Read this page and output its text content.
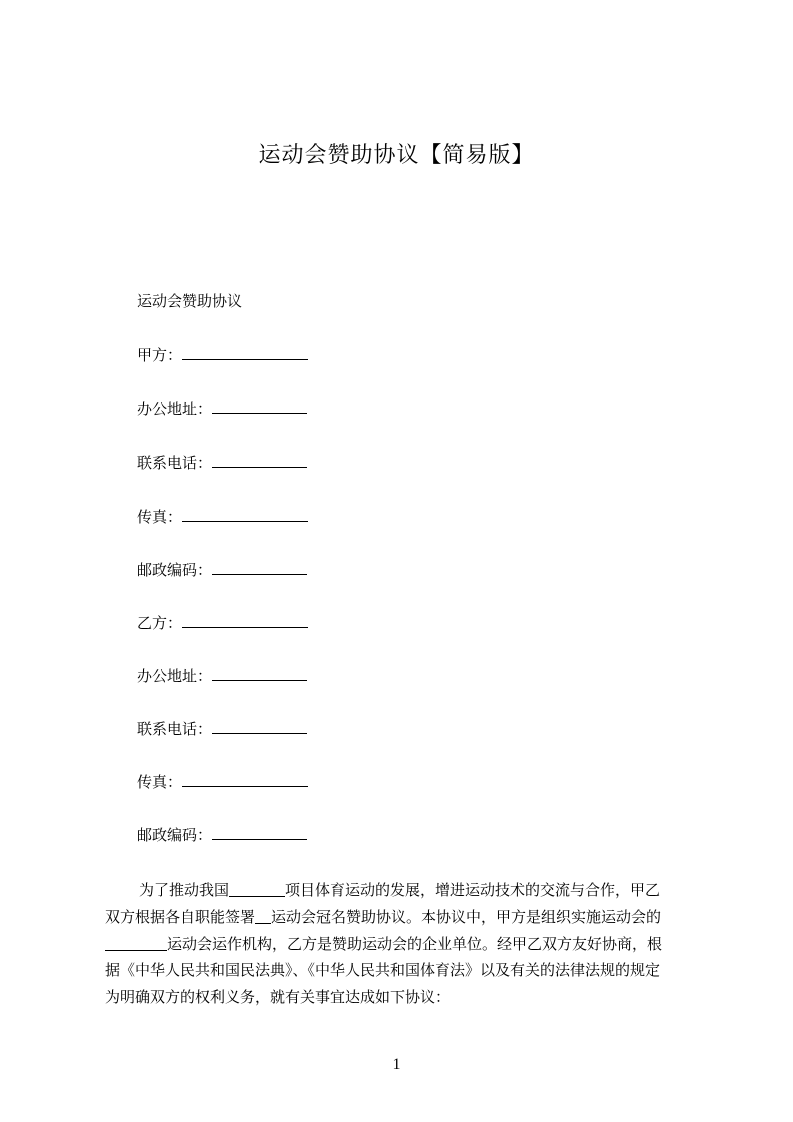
运动会赞助协议【简易版】
运动会赞助协议
甲方：
办公地址：
联系电话：
传真：
邮政编码：
乙方：
办公地址：
联系电话：
传真：
邮政编码：
为了推动我国	项目体育运动的发展，增进运动技术的交流与合作，甲乙
双方根据各自职能签署 运动会冠名赞助协议。本协议中，甲方是组织实施运动会的
运动会运作机构，乙方是赞助运动会的企业单位。经甲乙双方友好协商，根
据《中华人民共和国民法典》、《中华人民共和国体育法》以及有关的法律法规的规定
为明确双方的权利义务，就有关事宜达成如下协议：
1
